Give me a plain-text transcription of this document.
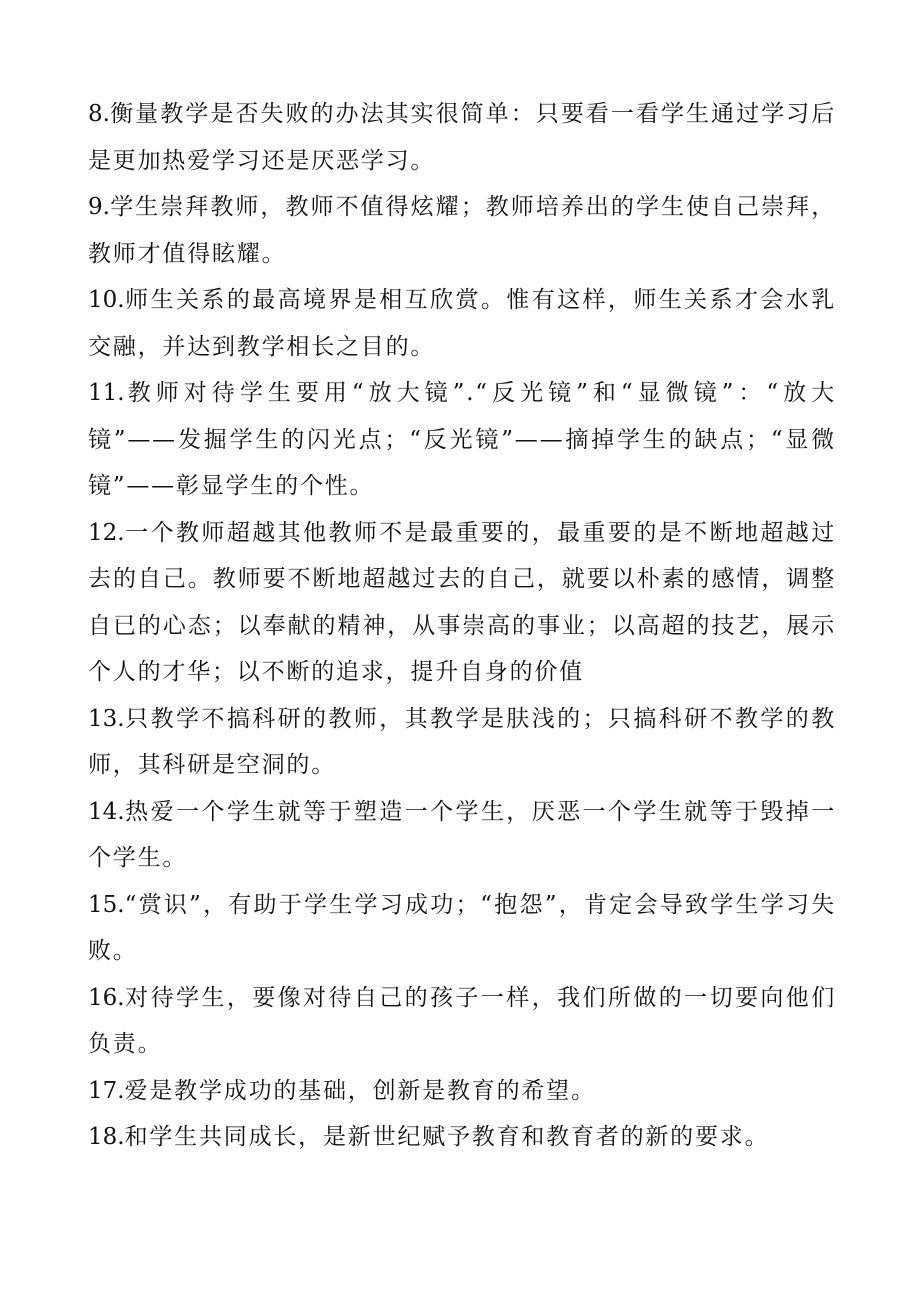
8.衡量教学是否失败的办法其实很简单：只要看一看学生通过学习后是更加热爱学习还是厌恶学习。

9.学生崇拜教师，教师不值得炫耀；教师培养出的学生使自己崇拜，教师才值得眩耀。

10.师生关系的最高境界是相互欣赏。惟有这样，师生关系才会水乳交融，并达到教学相长之目的。

11.教师对待学生要用“放大镜”.“反光镜”和“显微镜”：“放大镜”——发掘学生的闪光点；“反光镜”——摘掉学生的缺点；“显微镜”——彰显学生的个性。

12.一个教师超越其他教师不是最重要的，最重要的是不断地超越过去的自己。教师要不断地超越过去的自己，就要以朴素的感情，调整自已的心态；以奉献的精神，从事崇高的事业；以高超的技艺，展示个人的才华；以不断的追求，提升自身的价值

13.只教学不搞科研的教师，其教学是肤浅的；只搞科研不教学的教师，其科研是空洞的。

14.热爱一个学生就等于塑造一个学生，厌恶一个学生就等于毁掉一个学生。

15.“赏识”，有助于学生学习成功；“抱怨”，肯定会导致学生学习失败。

16.对待学生，要像对待自己的孩子一样，我们所做的一切要向他们负责。

17.爱是教学成功的基础，创新是教育的希望。

18.和学生共同成长，是新世纪赋予教育和教育者的新的要求。
